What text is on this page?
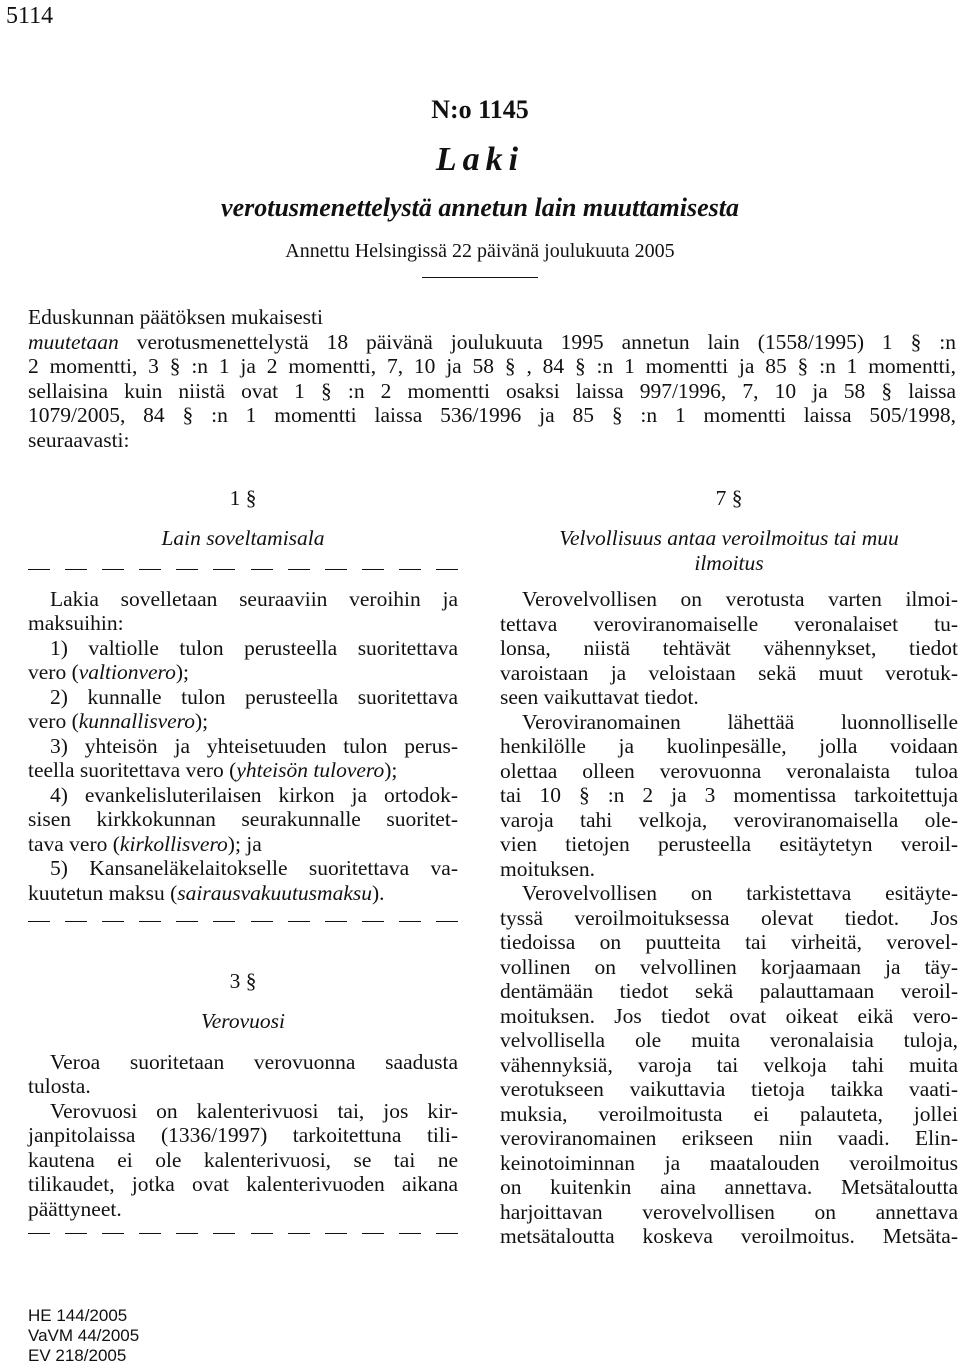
5114
N:o 1145
Laki
verotusmenettelystä annetun lain muuttamisesta
Annettu Helsingissä 22 päivänä joulukuuta 2005
Eduskunnan päätöksen mukaisesti
muutetaan verotusmenettelystä 18 päivänä joulukuuta 1995 annetun lain (1558/1995) 1 § :n
2 momentti, 3 § :n 1 ja 2 momentti, 7, 10 ja 58 § , 84 § :n 1 momentti ja 85 § :n 1 momentti,
sellaisina kuin niistä ovat 1 § :n 2 momentti osaksi laissa 997/1996, 7, 10 ja 58 § laissa
1079/2005, 84 § :n 1 momentti laissa 536/1996 ja 85 § :n 1 momentti laissa 505/1998,
seuraavasti:
1 §
Lain soveltamisala
Lakia sovelletaan seuraaviin veroihin ja
maksuihin:
1) valtiolle tulon perusteella suoritettava
vero (valtionvero);
2) kunnalle tulon perusteella suoritettava
vero (kunnallisvero);
3) yhteisön ja yhteisetuuden tulon perus-
teella suoritettava vero (yhteisön tulovero);
4) evankelisluterilaisen kirkon ja ortodok-
sisen kirkkokunnan seurakunnalle suoritet-
tava vero (kirkollisvero); ja
5) Kansaneläkelaitokselle suoritettava va-
kuutetun maksu (sairausvakuutusmaksu).
3 §
Verovuosi
Veroa suoritetaan verovuonna saadusta
tulosta.
Verovuosi on kalenterivuosi tai, jos kir-
janpitolaissa (1336/1997) tarkoitettuna tili-
kautena ei ole kalenterivuosi, se tai ne
tilikaudet, jotka ovat kalenterivuoden aikana
päättyneet.
7 §
Velvollisuus antaa veroilmoitus tai muu
ilmoitus
Verovelvollisen on verotusta varten ilmoi-
tettava veroviranomaiselle veronalaiset tu-
lonsa, niistä tehtävät vähennykset, tiedot
varoistaan ja veloistaan sekä muut verotuk-
seen vaikuttavat tiedot.
Veroviranomainen lähettää luonnolliselle
henkilölle ja kuolinpesälle, jolla voidaan
olettaa olleen verovuonna veronalaista tuloa
tai 10 § :n 2 ja 3 momentissa tarkoitettuja
varoja tahi velkoja, veroviranomaisella ole-
vien tietojen perusteella esitäytetyn veroil-
moituksen.
Verovelvollisen on tarkistettava esitäyte-
tyssä veroilmoituksessa olevat tiedot. Jos
tiedoissa on puutteita tai virheitä, verovel-
vollinen on velvollinen korjaamaan ja täy-
dentämään tiedot sekä palauttamaan veroil-
moituksen. Jos tiedot ovat oikeat eikä vero-
velvollisella ole muita veronalaisia tuloja,
vähennyksiä, varoja tai velkoja tahi muita
verotukseen vaikuttavia tietoja taikka vaati-
muksia, veroilmoitusta ei palauteta, jollei
veroviranomainen erikseen niin vaadi. Elin-
keinotoiminnan ja maatalouden veroilmoitus
on kuitenkin aina annettava. Metsätaloutta
harjoittavan verovelvollisen on annettava
metsätaloutta koskeva veroilmoitus. Metsäta-
HE 144/2005
VaVM 44/2005
EV 218/2005
